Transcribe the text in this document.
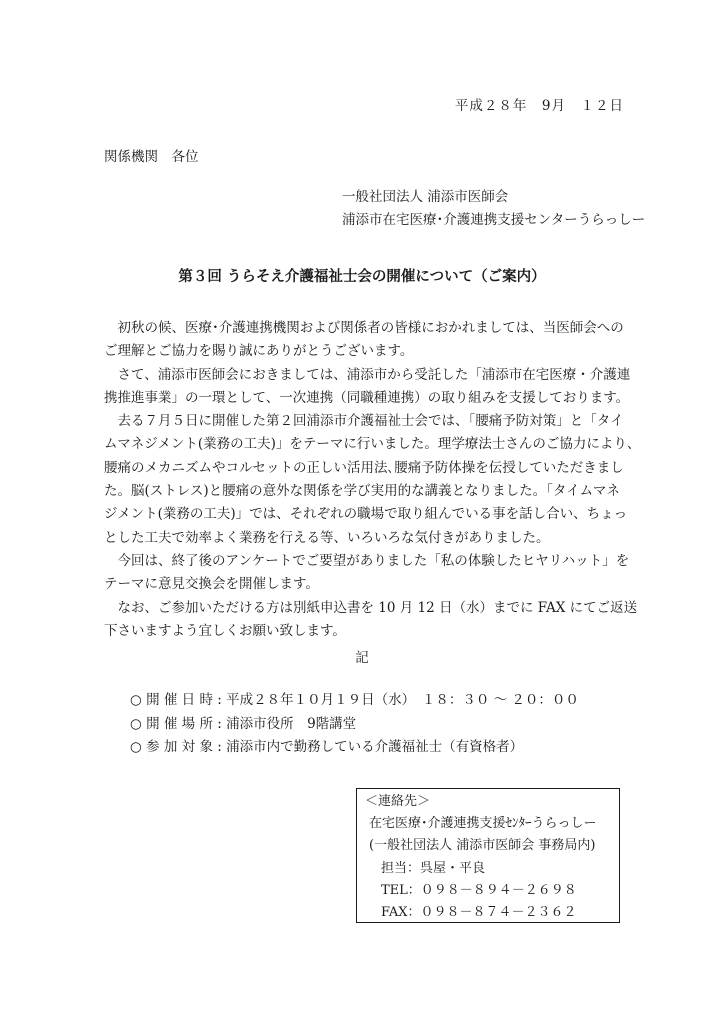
平成２８年　9月　１２日
関係機関　各位
一般社団法人 浦添市医師会
浦添市在宅医療･介護連携支援センターうらっしー
第３回 うらそえ介護福祉士会の開催について（ご案内）

　初秋の候、医療･介護連携機関および関係者の皆様におかれましては、当医師会への

ご理解とご協力を賜り誠にありがとうございます。

　さて、浦添市医師会におきましては、浦添市から受託した「浦添市在宅医療・介護連

携推進事業」の一環として、一次連携（同職種連携）の取り組みを支援しております。

　去る７月５日に開催した第２回浦添市介護福祉士会では、「腰痛予防対策」と「タイ

ムマネジメント(業務の工夫)」をテーマに行いました。理学療法士さんのご協力により、

腰痛のメカニズムやコルセットの正しい活用法､腰痛予防体操を伝授していただきまし

た。脳(ストレス)と腰痛の意外な関係を学び実用的な講義となりました。「タイムマネ

ジメント(業務の工夫)」では、それぞれの職場で取り組んでいる事を話し合い、ちょっ

とした工夫で効率よく業務を行える等、いろいろな気付きがありました。

　今回は、終了後のアンケートでご要望がありました「私の体験したヒヤリハット」を

テーマに意見交換会を開催します。

　なお、ご参加いただける方は別紙申込書を 10 月 12 日（水）までに FAX にてご返送

下さいますよう宜しくお願い致します。

記
○ 開 催 日 時 : 平成２８年１０月１９日（水）　１８：３０ ～ ２０：００
○ 開 催 場 所 : 浦添市役所　9階講堂
○ 参 加 対 象 : 浦添市内で勤務している介護福祉士（有資格者）
＜連絡先＞
在宅医療･介護連携支援ｾﾝﾀｰうらっしー
(一般社団法人 浦添市医師会 事務局内)
担当：呉屋・平良
TEL：０９８－８９４－２６９８
FAX：０９８－８７４－２３６２
